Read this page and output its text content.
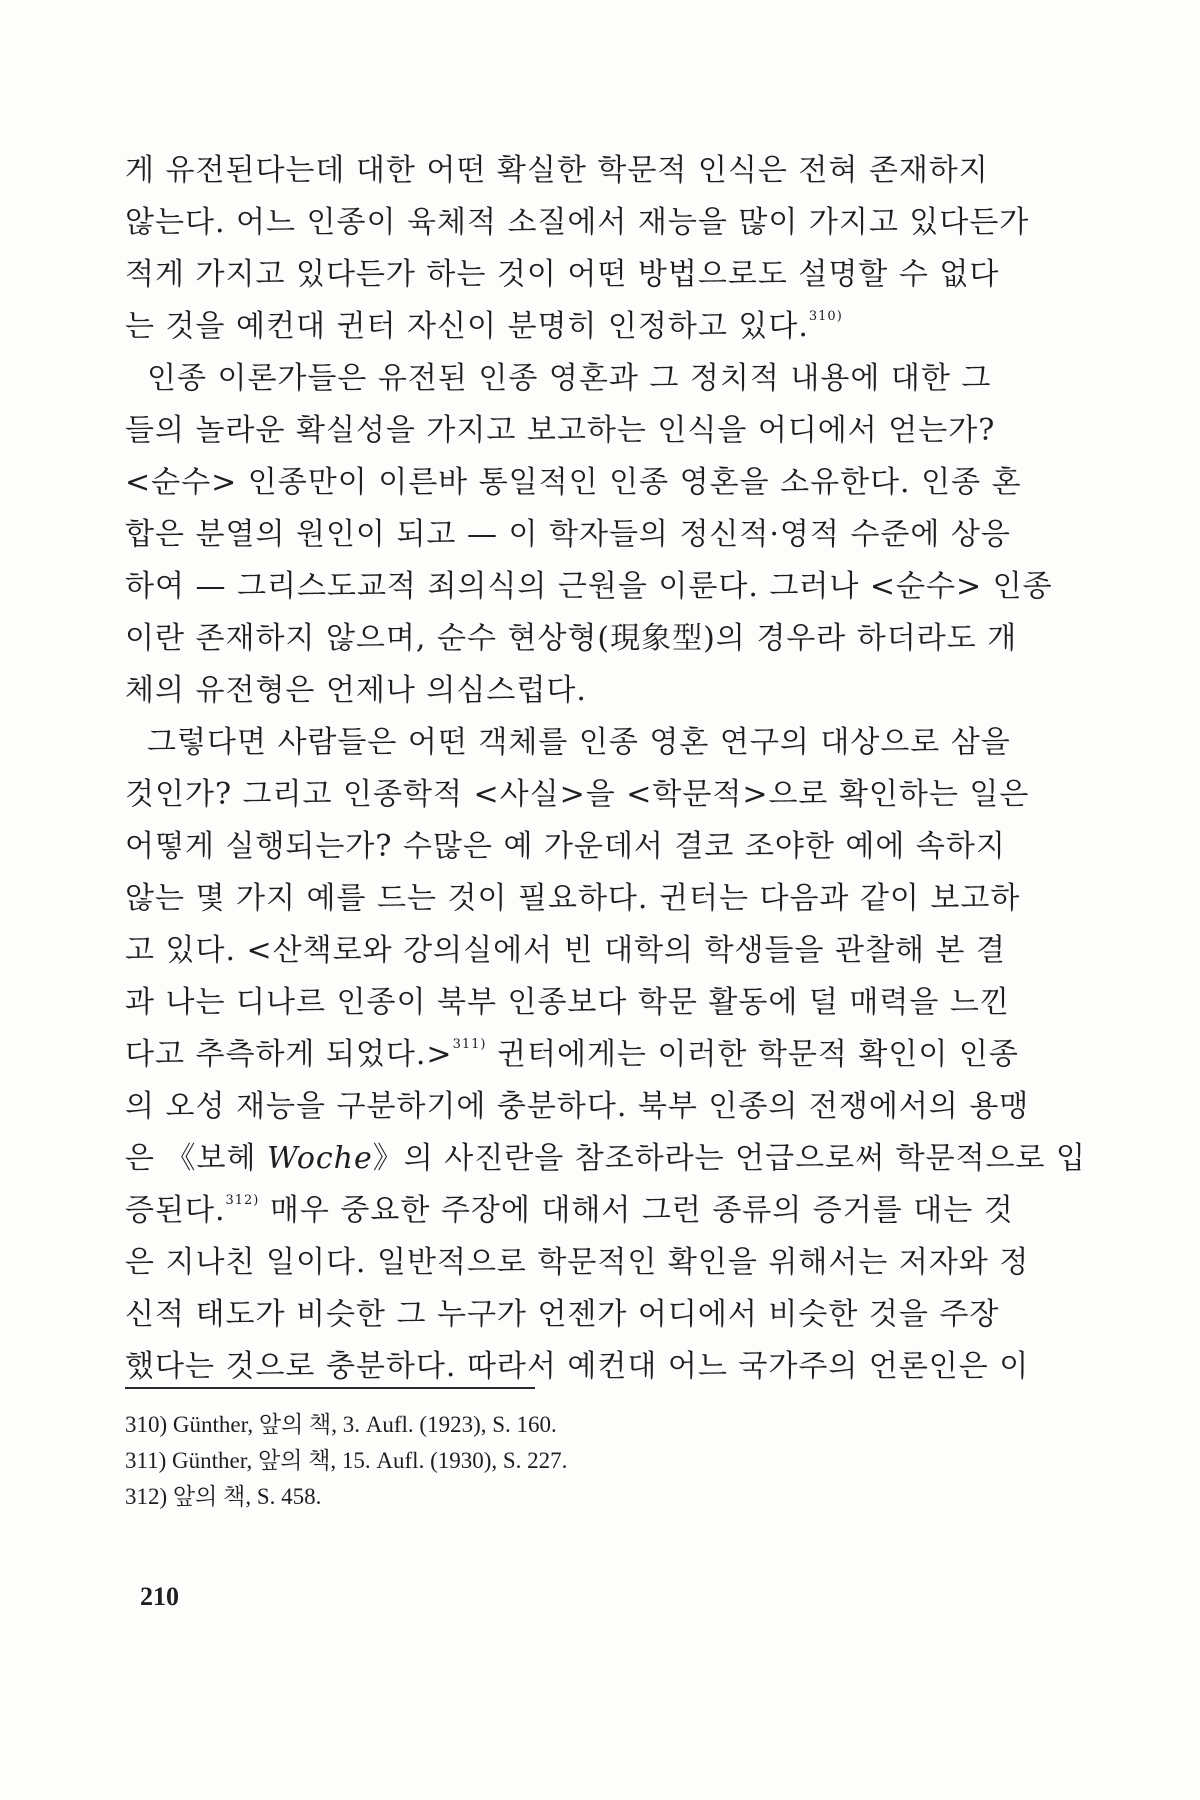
게 유전된다는데 대한 어떤 확실한 학문적 인식은 전혀 존재하지
않는다. 어느 인종이 육체적 소질에서 재능을 많이 가지고 있다든가
적게 가지고 있다든가 하는 것이 어떤 방법으로도 설명할 수 없다
는 것을 예컨대 귄터 자신이 분명히 인정하고 있다.$^{310)}$
인종 이론가들은 유전된 인종 영혼과 그 정치적 내용에 대한 그
들의 놀라운 확실성을 가지고 보고하는 인식을 어디에서 얻는가?
<순수> 인종만이 이른바 통일적인 인종 영혼을 소유한다. 인종 혼
합은 분열의 원인이 되고 — 이 학자들의 정신적·영적 수준에 상응
하여 — 그리스도교적 죄의식의 근원을 이룬다. 그러나 <순수> 인종
이란 존재하지 않으며, 순수 현상형(現象型)의 경우라 하더라도 개
체의 유전형은 언제나 의심스럽다.
그렇다면 사람들은 어떤 객체를 인종 영혼 연구의 대상으로 삼을
것인가? 그리고 인종학적 <사실>을 <학문적>으로 확인하는 일은
어떻게 실행되는가? 수많은 예 가운데서 결코 조야한 예에 속하지
않는 몇 가지 예를 드는 것이 필요하다. 귄터는 다음과 같이 보고하
고 있다. <산책로와 강의실에서 빈 대학의 학생들을 관찰해 본 결
과 나는 디나르 인종이 북부 인종보다 학문 활동에 덜 매력을 느낀
다고 추측하게 되었다.>$^{311)}$ 귄터에게는 이러한 학문적 확인이 인종
의 오성 재능을 구분하기에 충분하다. 북부 인종의 전쟁에서의 용맹
은 《보헤 Woche》의 사진란을 참조하라는 언급으로써 학문적으로 입
증된다.$^{312)}$ 매우 중요한 주장에 대해서 그런 종류의 증거를 대는 것
은 지나친 일이다. 일반적으로 학문적인 확인을 위해서는 저자와 정
신적 태도가 비슷한 그 누구가 언젠가 어디에서 비슷한 것을 주장
했다는 것으로 충분하다. 따라서 예컨대 어느 국가주의 언론인은 이
310) Günther, 앞의 책, 3. Aufl. (1923), S. 160.
311) Günther, 앞의 책, 15. Aufl. (1930), S. 227.
312) 앞의 책, S. 458.
210
